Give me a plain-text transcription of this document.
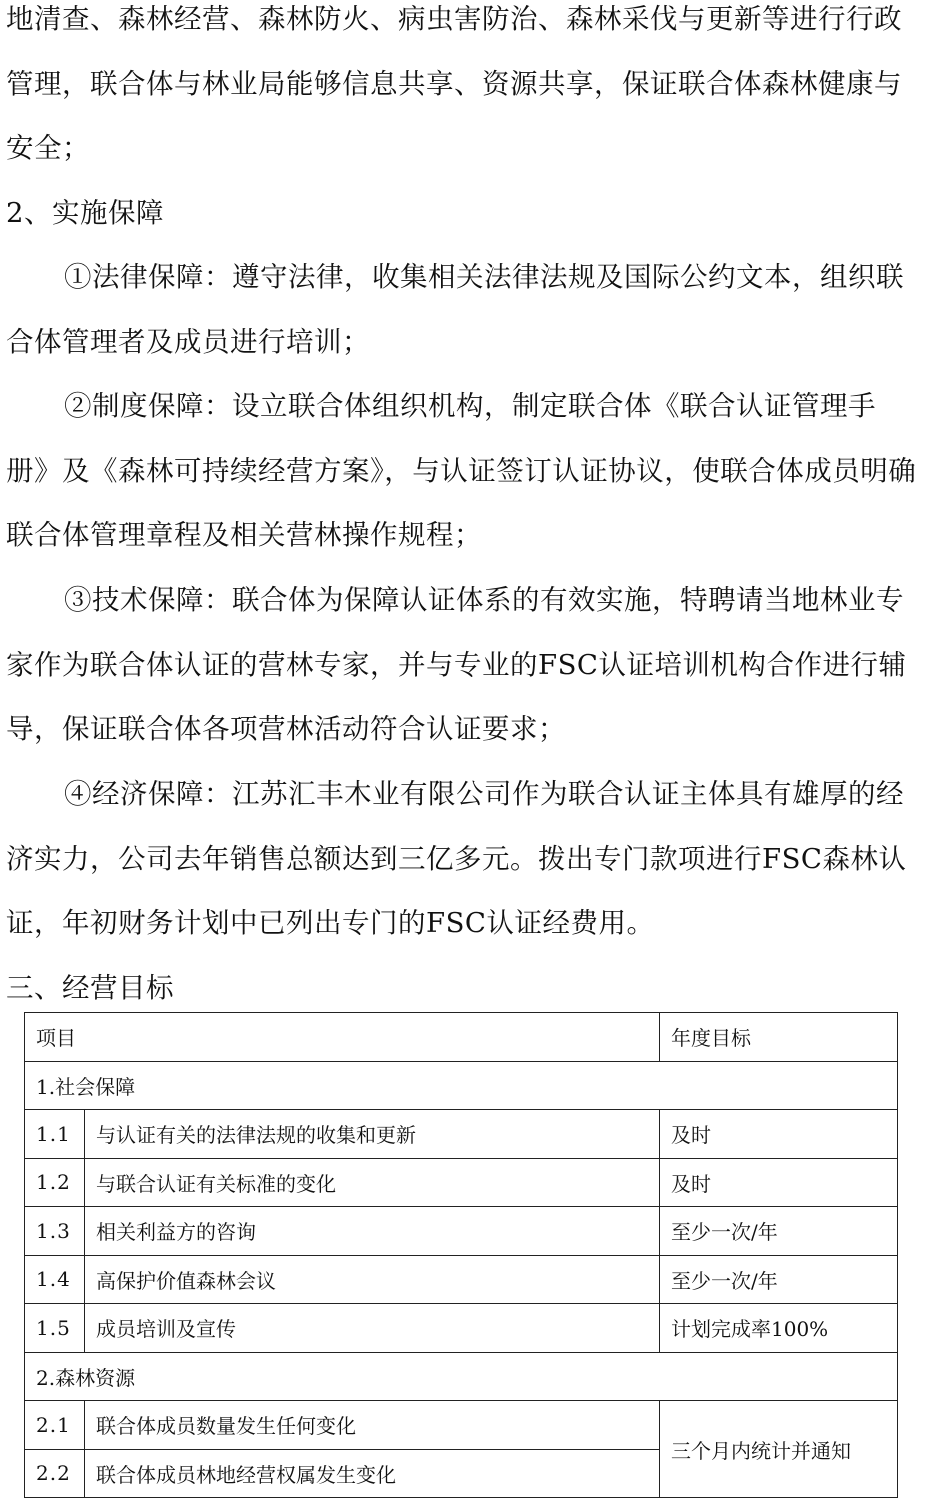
地清查、森林经营、森林防火、病虫害防治、森林采伐与更新等进行行政管理，联合体与林业局能够信息共享、资源共享，保证联合体森林健康与安全；

2、实施保障

①法律保障：遵守法律，收集相关法律法规及国际公约文本，组织联合体管理者及成员进行培训；

②制度保障：设立联合体组织机构，制定联合体《联合认证管理手册》及《森林可持续经营方案》，与认证签订认证协议，使联合体成员明确联合体管理章程及相关营林操作规程；

③技术保障：联合体为保障认证体系的有效实施，特聘请当地林业专家作为联合体认证的营林专家，并与专业的FSC认证培训机构合作进行辅导，保证联合体各项营林活动符合认证要求；

④经济保障：江苏汇丰木业有限公司作为联合认证主体具有雄厚的经济实力，公司去年销售总额达到三亿多元。拨出专门款项进行FSC森林认证，年初财务计划中已列出专门的FSC认证经费用。

三、经营目标

项目		年度目标
1.社会保障		
1.1	与认证有关的法律法规的收集和更新	及时
1.2	与联合认证有关标准的变化	及时
1.3	相关利益方的咨询	至少一次/年
1.4	高保护价值森林会议	至少一次/年
1.5	成员培训及宣传	计划完成率100%
2.森林资源		
2.1	联合体成员数量发生任何变化	三个月内统计并通知
2.2	联合体成员林地经营权属发生变化	
